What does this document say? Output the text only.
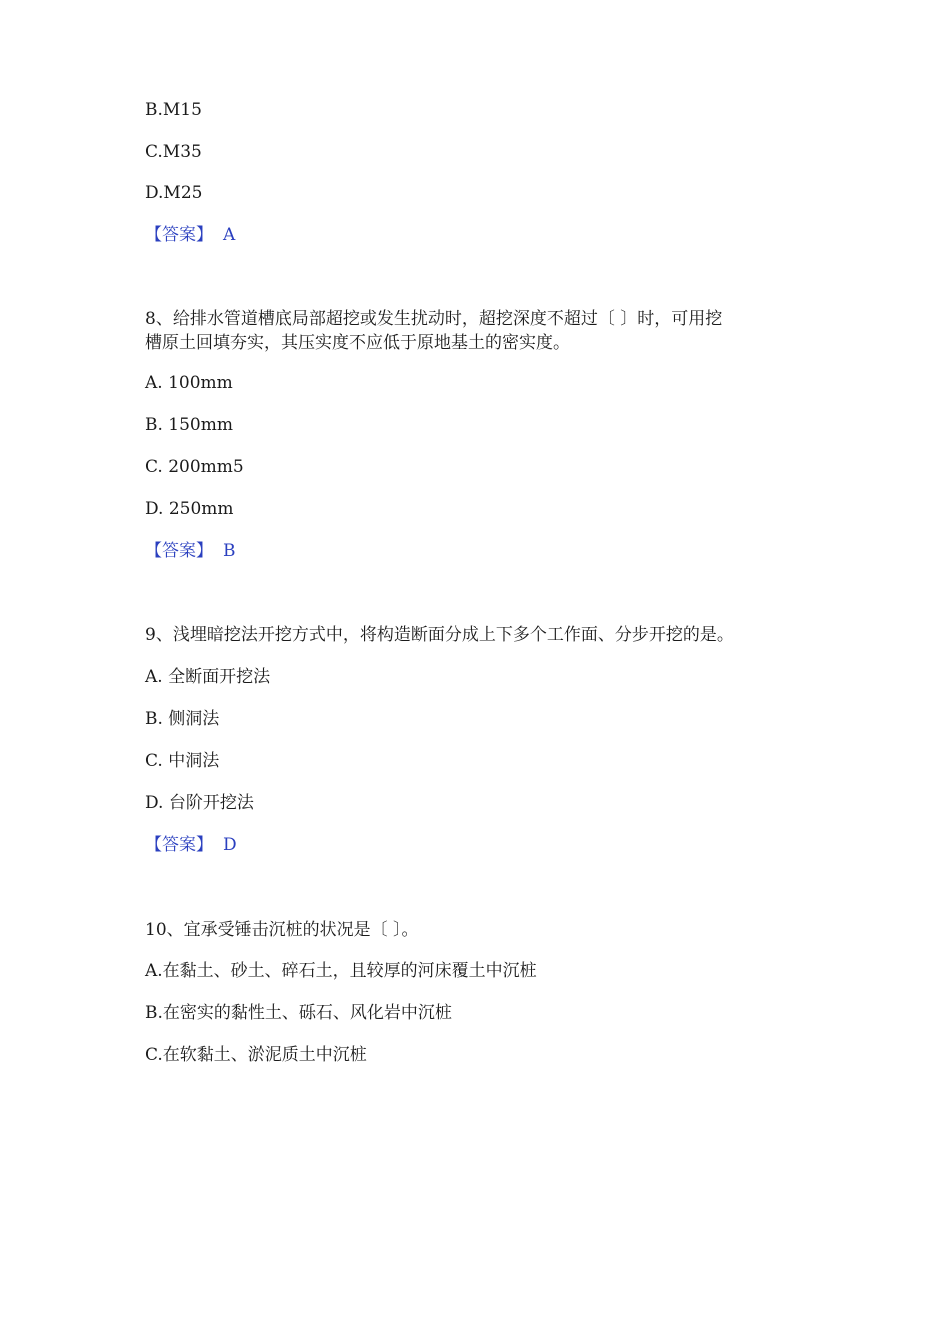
B.M15
C.M35
D.M25
【答案】 A
8、给排水管道槽底局部超挖或发生扰动时，超挖深度不超过〔 〕时，可用挖
槽原土回填夯实，其压实度不应低于原地基土的密实度。
A. 100mm
B. 150mm
C. 200mm5
D. 250mm
【答案】 B
9、浅埋暗挖法开挖方式中，将构造断面分成上下多个工作面、分步开挖的是。
A. 全断面开挖法
B. 侧洞法
C. 中洞法
D. 台阶开挖法
【答案】 D
10、宜承受锤击沉桩的状况是〔 〕。
A.在黏土、砂土、碎石土，且较厚的河床覆土中沉桩
B.在密实的黏性土、砾石、风化岩中沉桩
C.在软黏土、淤泥质土中沉桩
